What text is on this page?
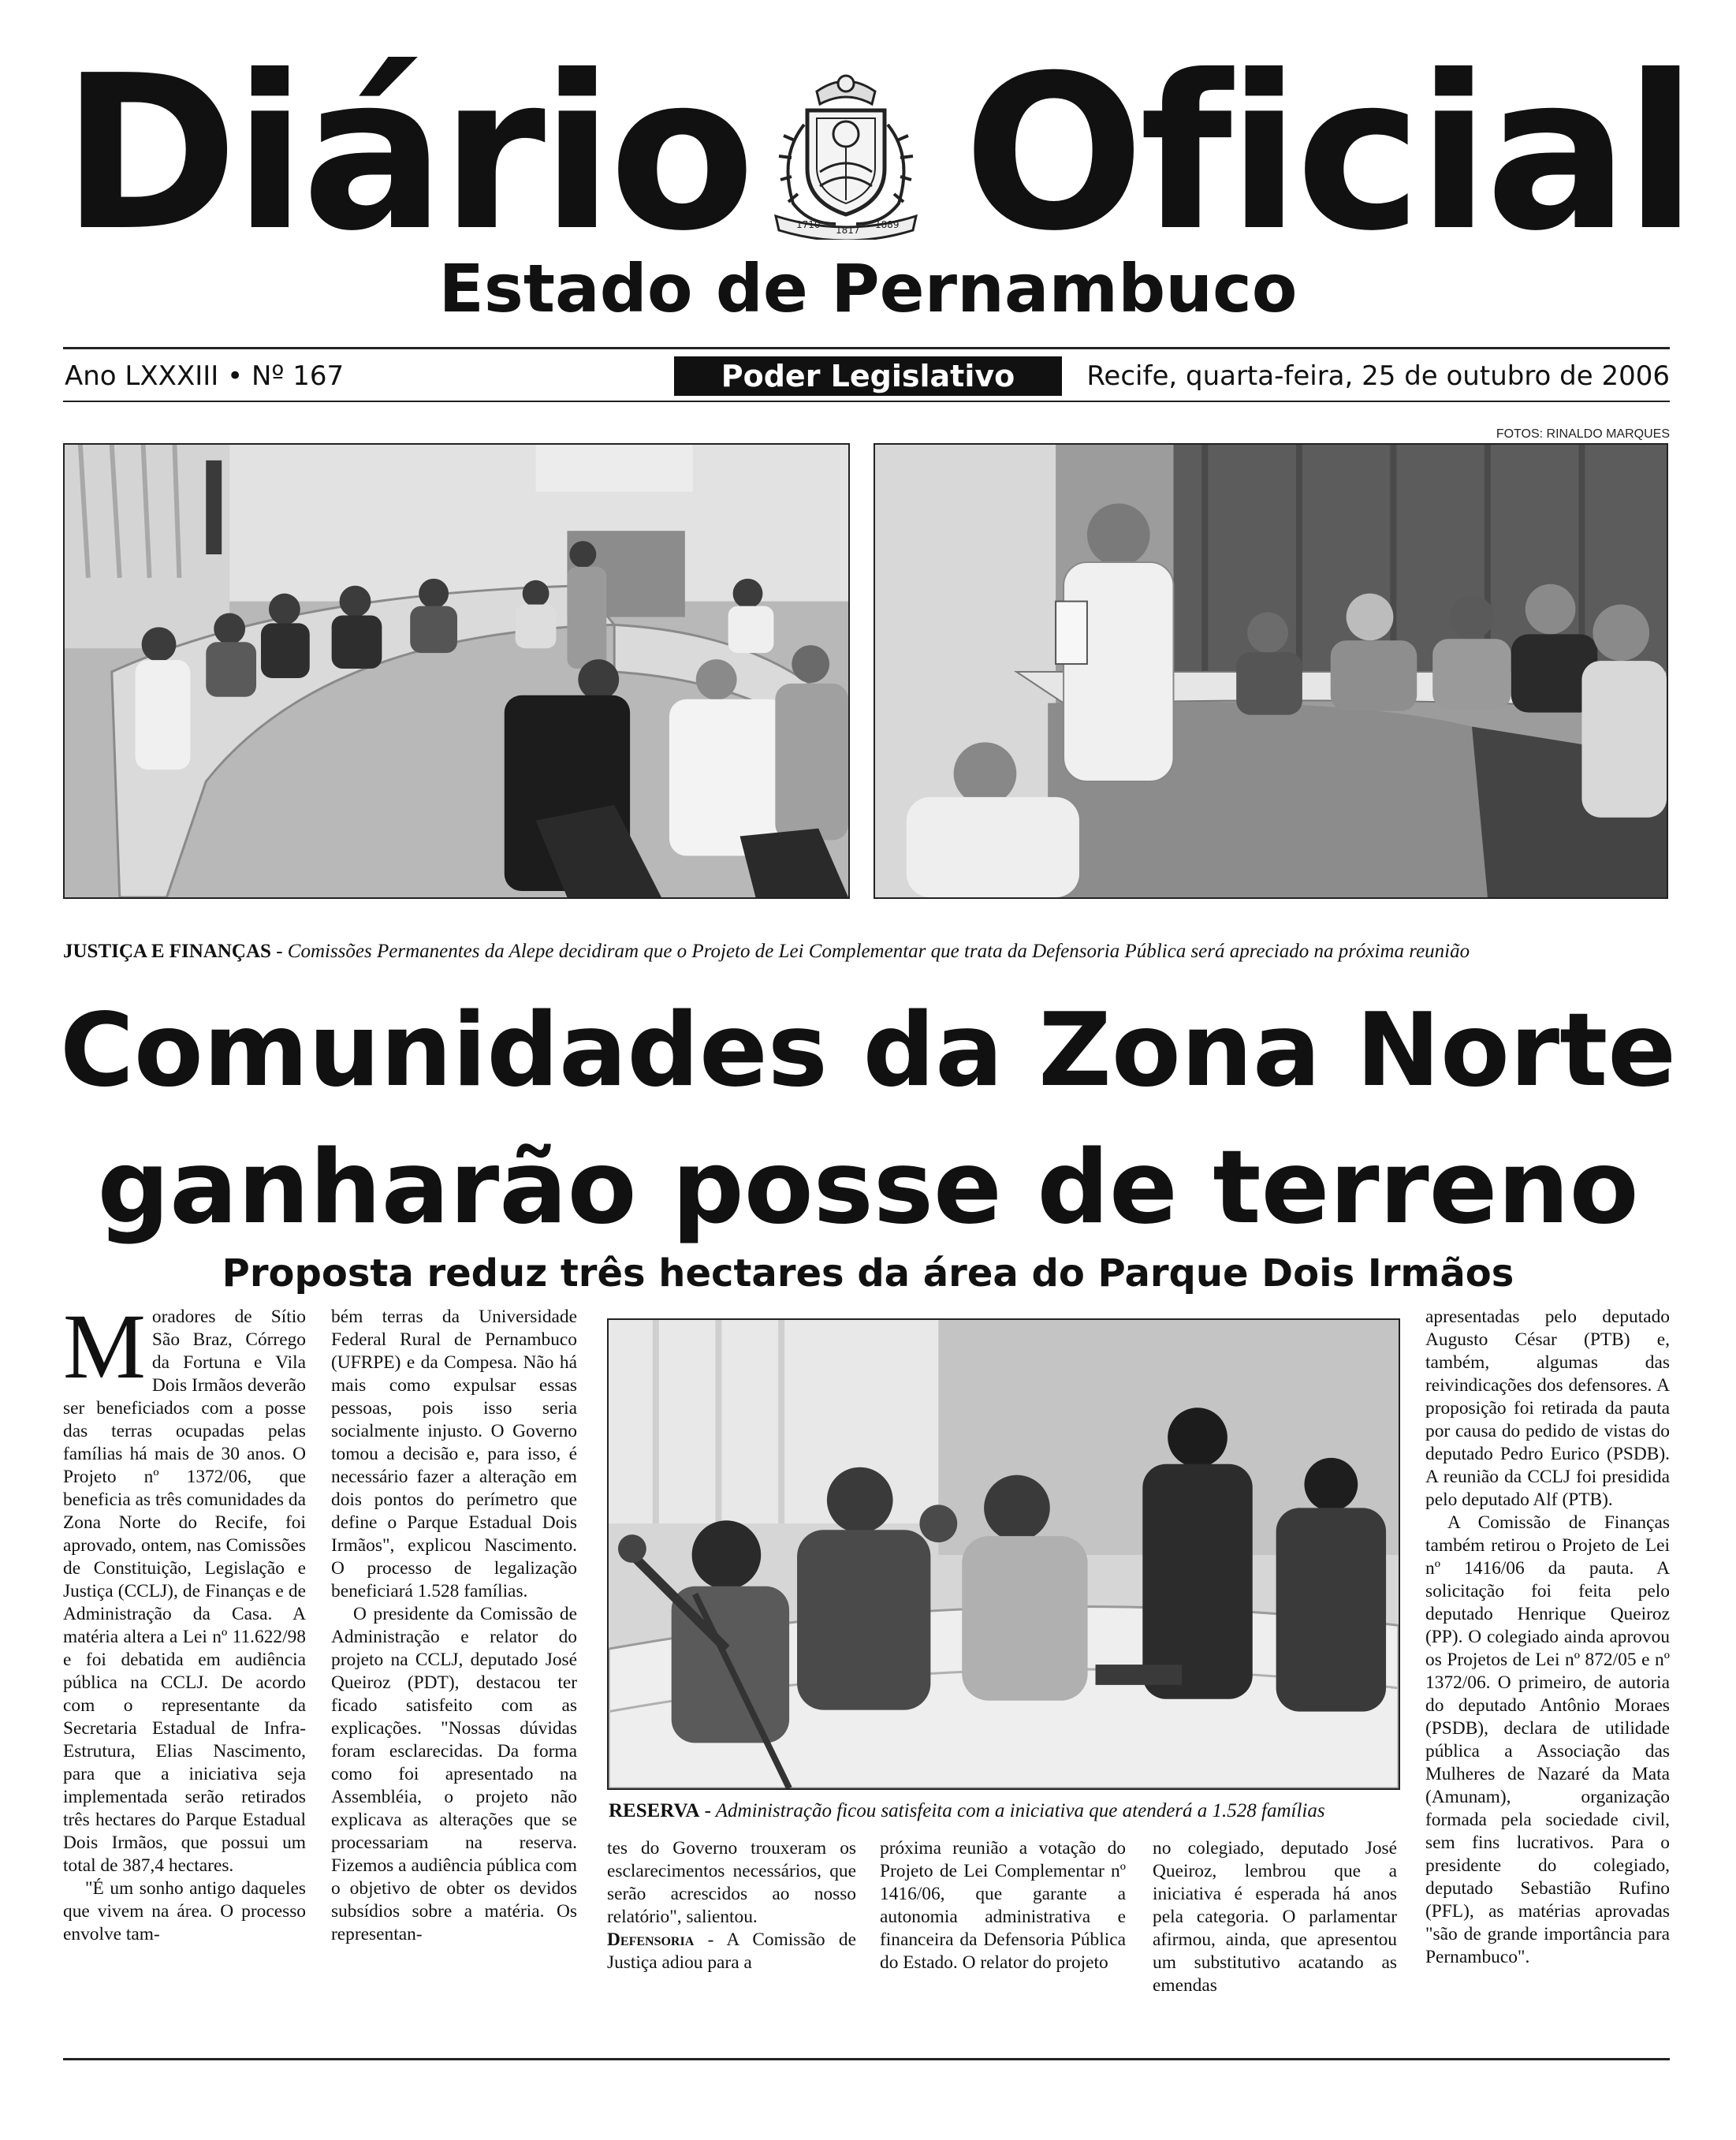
Diário	1710 1817 1889 Oficial
Estado de Pernambuco
Ano LXXXIII • Nº 167	Poder Legislativo	Recife, quarta-feira, 25 de outubro de 2006
FOTOS: RINALDO MARQUES
JUSTIÇA E FINANÇAS - Comissões Permanentes da Alepe decidiram que o Projeto de Lei Complementar que trata da Defensoria Pública será apreciado na próxima reunião
Comunidades da Zona Norte
ganharão posse de terreno
Proposta reduz três hectares da área do Parque Dois Irmãos
RESERVA - Administração ficou satisfeita com a iniciativa que atenderá a 1.528 famílias

Moradores de Sítio São Braz, Córrego da Fortuna e Vila Dois Irmãos deverão ser beneficiados com a posse das terras ocupadas pelas famílias há mais de 30 anos. O Projeto nº 1372/06, que beneficia as três comunidades da Zona Norte do Recife, foi aprovado, ontem, nas Comissões de Constituição, Legislação e Justiça (CCLJ), de Finanças e de Administração da Casa. A matéria altera a Lei nº 11.622/98 e foi debatida em audiência pública na CCLJ. De acordo com o representante da Secretaria Estadual de Infra-Estrutura, Elias Nascimento, para que a iniciativa seja implementada serão retirados três hectares do Parque Estadual Dois Irmãos, que possui um total de 387,4 hectares.

"É um sonho antigo daqueles que vivem na área. O processo envolve tam-

bém terras da Universidade Federal Rural de Pernambuco (UFRPE) e da Compesa. Não há mais como expulsar essas pessoas, pois isso seria socialmente injusto. O Governo tomou a decisão e, para isso, é necessário fazer a alteração em dois pontos do perímetro que define o Parque Estadual Dois Irmãos", explicou Nascimento. O processo de legalização beneficiará 1.528 famílias.

O presidente da Comissão de Administração e relator do projeto na CCLJ, deputado José Queiroz (PDT), destacou ter ficado satisfeito com as explicações. "Nossas dúvidas foram esclarecidas. Da forma como foi apresentado na Assembléia, o projeto não explicava as alterações que se processariam na reserva. Fizemos a audiência pública com o objetivo de obter os devidos subsídios sobre a matéria. Os representan-

tes do Governo trouxeram os esclarecimentos necessários, que serão acrescidos ao nosso relatório", salientou.

Defensoria - A Comissão de Justiça adiou para a

próxima reunião a votação do Projeto de Lei Complementar nº 1416/06, que garante a autonomia administrativa e financeira da Defensoria Pública do Estado. O relator do projeto

no colegiado, deputado José Queiroz, lembrou que a iniciativa é esperada há anos pela categoria. O parlamentar afirmou, ainda, que apresentou um substitutivo acatando as emendas

apresentadas pelo deputado Augusto César (PTB) e, também, algumas das reivindicações dos defensores. A proposição foi retirada da pauta por causa do pedido de vistas do deputado Pedro Eurico (PSDB). A reunião da CCLJ foi presidida pelo deputado Alf (PTB).

A Comissão de Finanças também retirou o Projeto de Lei nº 1416/06 da pauta. A solicitação foi feita pelo deputado Henrique Queiroz (PP). O colegiado ainda aprovou os Projetos de Lei nº 872/05 e nº 1372/06. O primeiro, de autoria do deputado Antônio Moraes (PSDB), declara de utilidade pública a Associação das Mulheres de Nazaré da Mata (Amunam), organização formada pela sociedade civil, sem fins lucrativos. Para o presidente do colegiado, deputado Sebastião Rufino (PFL), as matérias aprovadas "são de grande importância para Pernambuco".
